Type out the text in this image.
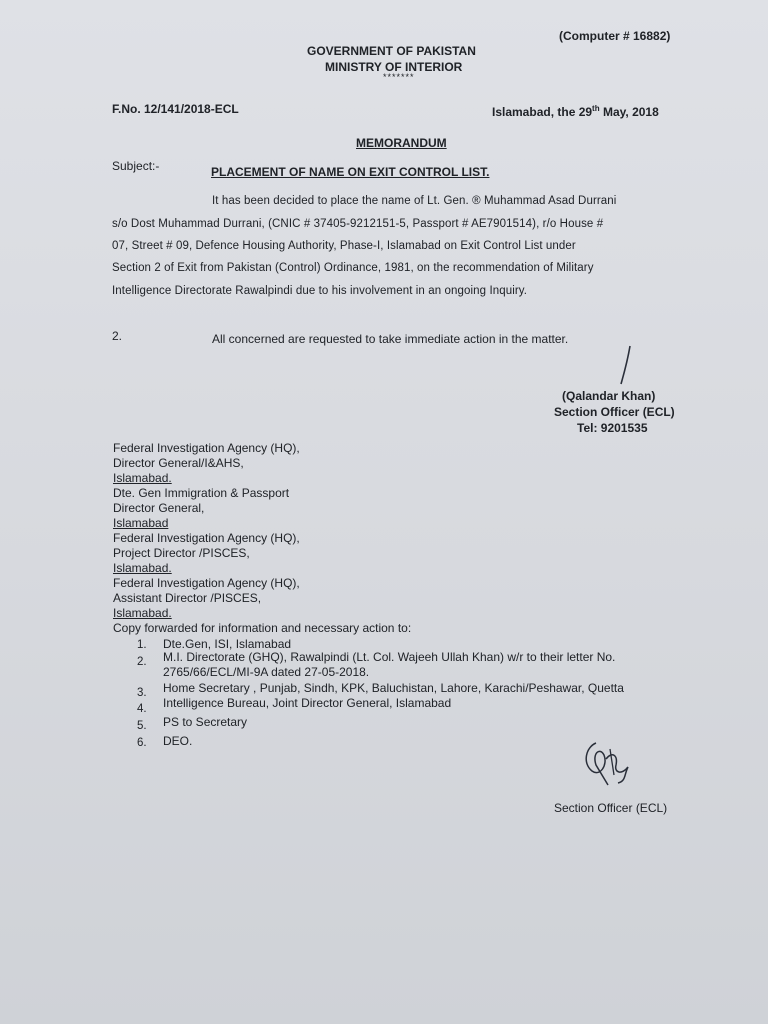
(Computer # 16882)
GOVERNMENT OF PAKISTAN
MINISTRY OF INTERIOR
*******
F.No. 12/141/2018-ECL	Islamabad, the 29th May, 2018
MEMORANDUM
Subject:-	PLACEMENT OF NAME ON EXIT CONTROL LIST.
It has been decided to place the name of Lt. Gen. ® Muhammad Asad Durrani
s/o Dost Muhammad Durrani, (CNIC # 37405-9212151-5, Passport # AE7901514), r/o House #
07, Street # 09, Defence Housing Authority, Phase-I, Islamabad on Exit Control List under
Section 2 of Exit from Pakistan (Control) Ordinance, 1981, on the recommendation of Military
Intelligence Directorate Rawalpindi due to his involvement in an ongoing Inquiry.
2.	All concerned are requested to take immediate action in the matter.
(Qalandar Khan)
Section Officer (ECL)
Tel: 9201535
Federal Investigation Agency (HQ),
Director General/I&AHS,
Islamabad.
Dte. Gen Immigration & Passport
Director General,
Islamabad
Federal Investigation Agency (HQ),
Project Director /PISCES,
Islamabad.
Federal Investigation Agency (HQ),
Assistant Director /PISCES,
Islamabad.
Copy forwarded for information and necessary action to:
1. Dte.Gen, ISI, Islamabad
2. M.I. Directorate (GHQ), Rawalpindi (Lt. Col. Wajeeh Ullah Khan) w/r to their letter No.
2765/66/ECL/MI-9A dated 27-05-2018.
3. Home Secretary , Punjab, Sindh, KPK, Baluchistan, Lahore, Karachi/Peshawar, Quetta
4. Intelligence Bureau, Joint Director General, Islamabad
5. PS to Secretary
6. DEO.
Section Officer (ECL)
